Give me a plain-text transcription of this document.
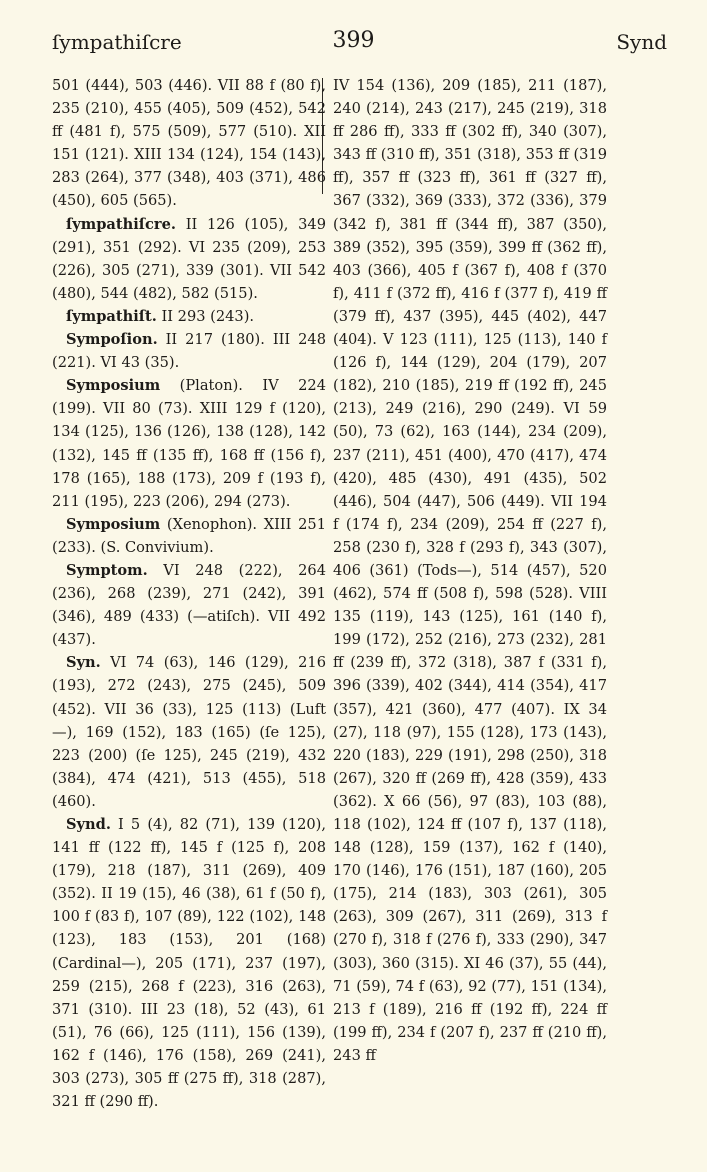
ſympathiſcre	399	Synd

501 (444), 503 (446). VII 88 f (80 f), 235 (210), 455 (405), 509 (452), 542 ff (481 f), 575 (509), 577 (510). XII 151 (121). XIII 134 (124), 154 (143), 283 (264), 377 (348), 403 (371), 486 (450), 605 (565).

ſympathiſcre. II 126 (105), 349 (291), 351 (292). VI 235 (209), 253 (226), 305 (271), 339 (301). VII 542 (480), 544 (482), 582 (515).

ſympathiſt. II 293 (243).

Sympoſion. II 217 (180). III 248 (221). VI 43 (35).

Symposium (Platon). IV 224 (199). VII 80 (73). XIII 129 f (120), 134 (125), 136 (126), 138 (128), 142 (132), 145 ff (135 ff), 168 ff (156 f), 178 (165), 188 (173), 209 f (193 f), 211 (195), 223 (206), 294 (273).

Symposium (Xenophon). XIII 251 (233). (S. Convivium).

Symptom. VI 248 (222), 264 (236), 268 (239), 271 (242), 391 (346), 489 (433) (—atiſch). VII 492 (437).

Syn. VI 74 (63), 146 (129), 216 (193), 272 (243), 275 (245), 509 (452). VII 36 (33), 125 (113) (Luft—), 169 (152), 183 (165) (ſe 125), 223 (200) (ſe 125), 245 (219), 432 (384), 474 (421), 513 (455), 518 (460).

Synd. I 5 (4), 82 (71), 139 (120), 141 ff (122 ff), 145 f (125 f), 208 (179), 218 (187), 311 (269), 409 (352). II 19 (15), 46 (38), 61 f (50 f), 100 f (83 f), 107 (89), 122 (102), 148 (123), 183 (153), 201 (168) (Cardinal—), 205 (171), 237 (197), 259 (215), 268 f (223), 316 (263), 371 (310). III 23 (18), 52 (43), 61 (51), 76 (66), 125 (111), 156 (139), 162 f (146), 176 (158), 269 (241), 303 (273), 305 ff (275 ff), 318 (287), 321 ff (290 ff).

IV 154 (136), 209 (185), 211 (187), 240 (214), 243 (217), 245 (219), 318 ff 286 ff), 333 ff (302 ff), 340 (307), 343 ff (310 ff), 351 (318), 353 ff (319 ff), 357 ff (323 ff), 361 ff (327 ff), 367 (332), 369 (333), 372 (336), 379 (342 f), 381 ff (344 ff), 387 (350), 389 (352), 395 (359), 399 ff (362 ff), 403 (366), 405 f (367 f), 408 f (370 f), 411 f (372 ff), 416 f (377 f), 419 ff (379 ff), 437 (395), 445 (402), 447 (404). V 123 (111), 125 (113), 140 f (126 f), 144 (129), 204 (179), 207 (182), 210 (185), 219 ff (192 ff), 245 (213), 249 (216), 290 (249). VI 59 (50), 73 (62), 163 (144), 234 (209), 237 (211), 451 (400), 470 (417), 474 (420), 485 (430), 491 (435), 502 (446), 504 (447), 506 (449). VII 194 f (174 f), 234 (209), 254 ff (227 f), 258 (230 f), 328 f (293 f), 343 (307), 406 (361) (Tods—), 514 (457), 520 (462), 574 ff (508 f), 598 (528). VIII 135 (119), 143 (125), 161 (140 f), 199 (172), 252 (216), 273 (232), 281 ff (239 ff), 372 (318), 387 f (331 f), 396 (339), 402 (344), 414 (354), 417 (357), 421 (360), 477 (407). IX 34 (27), 118 (97), 155 (128), 173 (143), 220 (183), 229 (191), 298 (250), 318 (267), 320 ff (269 ff), 428 (359), 433 (362). X 66 (56), 97 (83), 103 (88), 118 (102), 124 ff (107 f), 137 (118), 148 (128), 159 (137), 162 f (140), 170 (146), 176 (151), 187 (160), 205 (175), 214 (183), 303 (261), 305 (263), 309 (267), 311 (269), 313 f (270 f), 318 f (276 f), 333 (290), 347 (303), 360 (315). XI 46 (37), 55 (44), 71 (59), 74 f (63), 92 (77), 151 (134), 213 f (189), 216 ff (192 ff), 224 ff (199 ff), 234 f (207 f), 237 ff (210 ff), 243 ff
